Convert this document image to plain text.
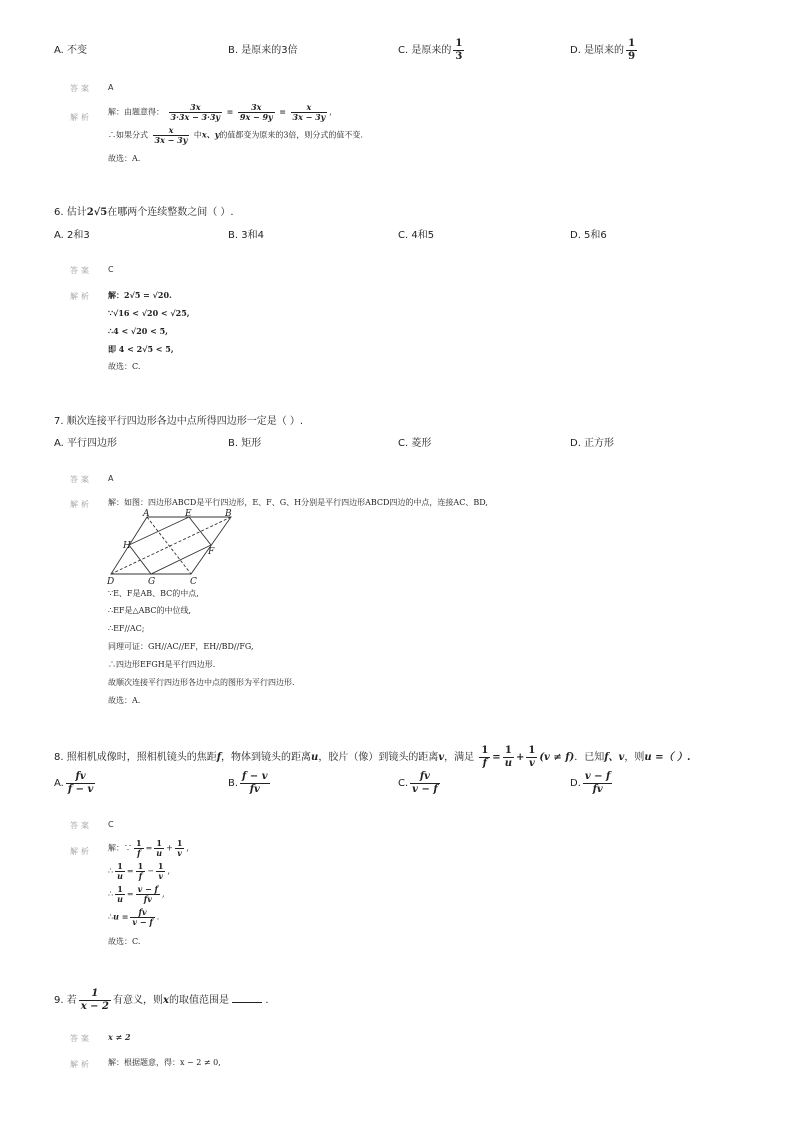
A. 不变	B. 是原来的3倍	C. 是原来的 $\frac{1}{3}$	D. 是原来的 $\frac{1}{9}$
答案 A
解析
解：由题意得： $\frac{3x}{3\cdot 3x - 3\cdot 3y} = \frac{3x}{9x - 9y} = \frac{x}{3x - 3y}$ ,
∴如果分式 $\frac{x}{3x - 3y}$ 中x、y的值都变为原来的3倍，则分式的值不变.
故选：A.
6. 估计2√5在哪两个连续整数之间（ ）.
A. 2和3	B. 3和4	C. 4和5	D. 5和6
答案 C
解析 解：2√5 = √20.
∵√16 < √20 < √25,
∴4 < √20 < 5,
即 4 < 2√5 < 5,
故选：C.
7. 顺次连接平行四边形各边中点所得四边形一定是（ ）.
A. 平行四边形	B. 矩形	C. 菱形	D. 正方形
答案 A
解析 解：如图：四边形ABCD是平行四边形，E、F、G、H分别是平行四边形ABCD四边的中点，连接AC、BD,
A	E	B
H
F
D	G	C
∵E、F是AB、BC的中点,
∴EF是△ABC的中位线,
∴EF//AC;
同理可证：GH//AC//EF，EH//BD//FG,
∴四边形EFGH是平行四边形.
故顺次连接平行四边形各边中点的图形为平行四边形.
故选：A.
8. 照相机成像时，照相机镜头的焦距f，物体到镜头的距离u，胶片（像）到镜头的距离v，满足 $\frac{1}{f} = \frac{1}{u} + \frac{1}{v} (v \ne f)$．已知f、v，则u =（ ）.
A. $\frac{fv}{f - v}$	B. $\frac{f - v}{fv}$	C. $\frac{fv}{v - f}$	D. $\frac{v - f}{fv}$
答案 C
解析 解：∵ $\frac{1}{f} = \frac{1}{u} + \frac{1}{v}$ ,
∴ $\frac{1}{u} = \frac{1}{f} - \frac{1}{v}$ ,
∴ $\frac{1}{u} = \frac{v - f}{fv}$ ,
∴u = $\frac{fv}{v - f}$ .
故选：C.
9. 若 $\frac{1}{x - 2}$ 有意义，则x的取值范围是	.
答案 x ≠ 2
解析 解：根据题意，得：x − 2 ≠ 0,
